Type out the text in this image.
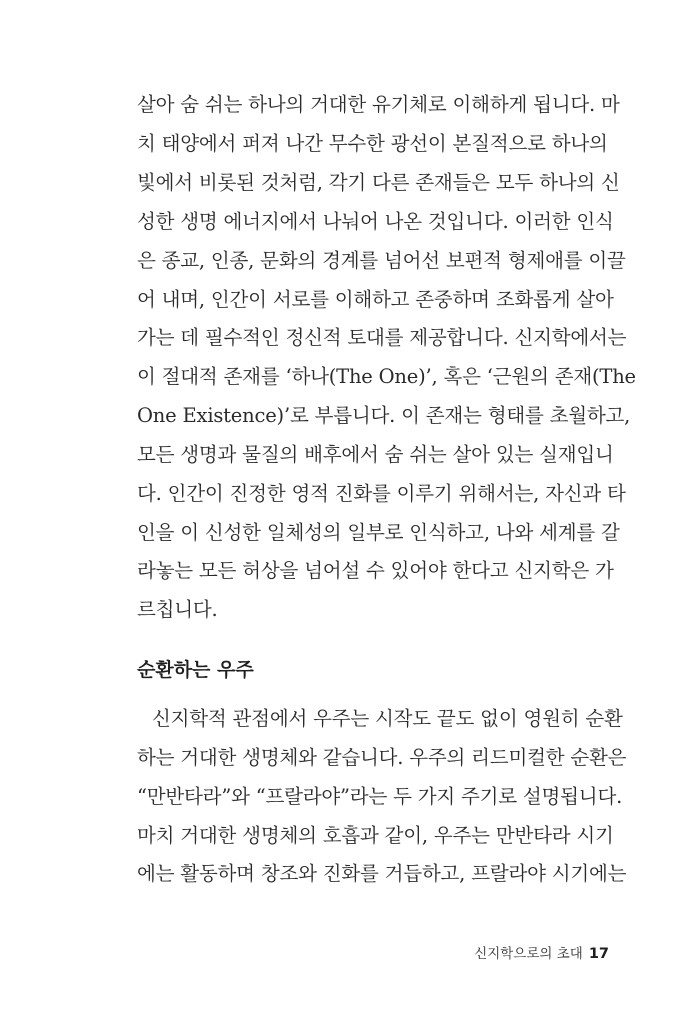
살아 숨 쉬는 하나의 거대한 유기체로 이해하게 됩니다. 마
치 태양에서 퍼져 나간 무수한 광선이 본질적으로 하나의
빛에서 비롯된 것처럼, 각기 다른 존재들은 모두 하나의 신
성한 생명 에너지에서 나눠어 나온 것입니다. 이러한 인식
은 종교, 인종, 문화의 경계를 넘어선 보편적 형제애를 이끌
어 내며, 인간이 서로를 이해하고 존중하며 조화롭게 살아
가는 데 필수적인 정신적 토대를 제공합니다. 신지학에서는
이 절대적 존재를 ‘하나(The One)’, 혹은 ‘근원의 존재(The
One Existence)’로 부릅니다. 이 존재는 형태를 초월하고,
모든 생명과 물질의 배후에서 숨 쉬는 살아 있는 실재입니
다. 인간이 진정한 영적 진화를 이루기 위해서는, 자신과 타
인을 이 신성한 일체성의 일부로 인식하고, 나와 세계를 갈
라놓는 모든 허상을 넘어설 수 있어야 한다고 신지학은 가
르칩니다.
순환하는 우주
신지학적 관점에서 우주는 시작도 끝도 없이 영원히 순환
하는 거대한 생명체와 같습니다. 우주의 리드미컬한 순환은
“만반타라”와 “프랄라야”라는 두 가지 주기로 설명됩니다.
마치 거대한 생명체의 호흡과 같이, 우주는 만반타라 시기
에는 활동하며 창조와 진화를 거듭하고, 프랄라야 시기에는
신지학으로의 초대 17
